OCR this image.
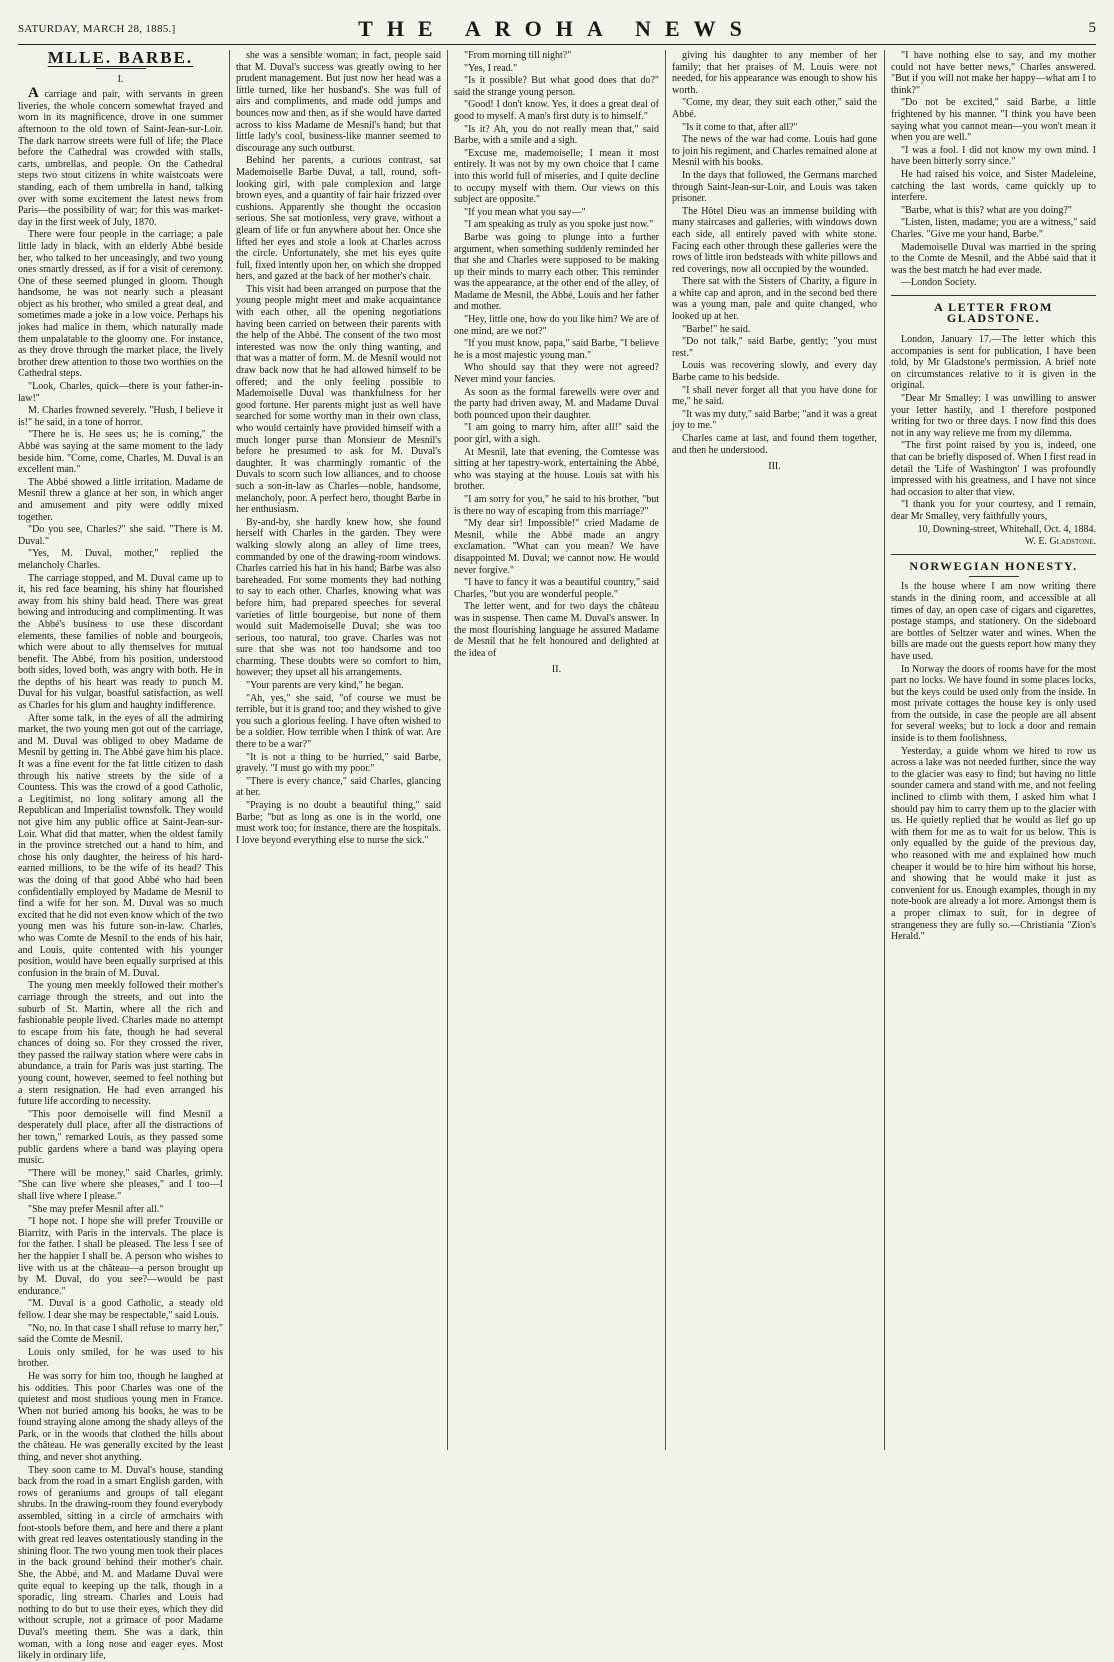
SATURDAY, MARCH 28, 1885.]	THE AROHA NEWS	5
MLLE. BARBE.
I.

A carriage and pair, with servants in green liveries, the whole concern somewhat frayed and worn in its magnificence, drove in one summer afternoon to the old town of Saint-Jean-sur-Loir. The dark narrow streets were full of life; the Place before the Cathedral was crowded with stalls, carts, umbrellas, and people. On the Cathedral steps two stout citizens in white waistcoats were standing, each of them umbrella in hand, talking over with some excitement the latest news from Paris—the possibility of war; for this was market-day in the first week of July, 1870.

There were four people in the carriage; a pale little lady in black, with an elderly Abbé beside her, who talked to her unceasingly, and two young ones smartly dressed, as if for a visit of ceremony. One of these seemed plunged in gloom. Though handsome, he was not nearly such a pleasant object as his brother, who smiled a great deal, and sometimes made a joke in a low voice. Perhaps his jokes had malice in them, which naturally made them unpalatable to the gloomy one. For instance, as they drove through the market place, the lively brother drew attention to those two worthies on the Cathedral steps.

"Look, Charles, quick—there is your father-in-law!"

M. Charles frowned severely. "Hush, I believe it is!" he said, in a tone of horror.

"There he is. He sees us; he is coming," the Abbé was saying at the same moment to the lady beside him. "Come, come, Charles, M. Duval is an excellent man."

The Abbé showed a little irritation. Madame de Mesnil threw a glance at her son, in which anger and amusement and pity were oddly mixed together.

"Do you see, Charles?" she said. "There is M. Duval."

"Yes, M. Duval, mother," replied the melancholy Charles.

The carriage stopped, and M. Duval came up to it, his red face beaming, his shiny hat flourished away from his shiny bald head. There was great bowing and introducing and complimenting. It was the Abbé's business to use these discordant elements, these families of noble and bourgeois, which were about to ally themselves for mutual benefit. The Abbé, from his position, understood both sides, loved both, was angry with both. He in the depths of his heart was ready to punch M. Duval for his vulgar, boastful satisfaction, as well as Charles for his glum and haughty indifference.

After some talk, in the eyes of all the admiring market, the two young men got out of the carriage, and M. Duval was obliged to obey Madame de Mesnil by getting in. The Abbé gave him his place. It was a fine event for the fat little citizen to dash through his native streets by the side of a Countess. This was the crowd of a good Catholic, a Legitimist, no long solitary among all the Republican and Imperialist townsfolk. They would not give him any public office at Saint-Jean-sur-Loir. What did that matter, when the oldest family in the province stretched out a hand to him, and chose his only daughter, the heiress of his hard-earned millions, to be the wife of its head? This was the doing of that good Abbé who had been confidentially employed by Madame de Mesnil to find a wife for her son. M. Duval was so much excited that he did not even know which of the two young men was his future son-in-law. Charles, who was Comte de Mesnil to the ends of his hair, and Louis, quite contented with his younger position, would have been equally surprised at this confusion in the brain of M. Duval.

The young men meekly followed their mother's carriage through the streets, and out into the suburb of St. Martin, where all the rich and fashionable people lived. Charles made no attempt to escape from his fate, though he had several chances of doing so. For they crossed the river, they passed the railway station where were cabs in abundance, a train for Paris was just starting. The young count, however, seemed to feel nothing but a stern resignation. He had even arranged his future life according to necessity.

"This poor demoiselle will find Mesnil a desperately dull place, after all the distractions of her town," remarked Louis, as they passed some public gardens where a band was playing opera music.

"There will be money," said Charles, grimly. "She can live where she pleases," and I too—I shall live where I please."

"She may prefer Mesnil after all."

"I hope not. I hope she will prefer Trouville or Biarritz, with Paris in the intervals. The place is for the father. I shall be pleased. The less I see of her the happier I shall be. A person who wishes to live with us at the château—a person brought up by M. Duval, do you see?—would be past endurance."

"M. Duval is a good Catholic, a steady old fellow. I dear she may be respectable," said Louis.

"No, no. In that case I shall refuse to marry her," said the Comte de Mesnil.

Louis only smiled, for he was used to his brother.

He was sorry for him too, though he laughed at his oddities. This poor Charles was one of the quietest and most studious young men in France. When not buried among his books, he was to be found straying alone among the shady alleys of the Park, or in the woods that clothed the hills about the château. He was generally excited by the least thing, and never shot anything.

They soon came to M. Duval's house, standing back from the road in a smart English garden, with rows of geraniums and groups of tall elegant shrubs. In the drawing-room they found everybody assembled, sitting in a circle of armchairs with foot-stools before them, and here and there a plant with great red leaves ostentatiously standing in the shining floor. The two young men took their places in the back ground behind their mother's chair. She, the Abbé, and M. and Madame Duval were quite equal to keeping up the talk, though in a sporadic, ling stream. Charles and Louis had nothing to do but to use their eyes, which they did without scruple, not a grimace of poor Madame Duval's meeting them. She was a dark, thin woman, with a long nose and eager eyes. Most likely in ordinary life,

she was a sensible woman; in fact, people said that M. Duval's success was greatly owing to her prudent management. But just now her head was a little turned, like her husband's. She was full of airs and compliments, and made odd jumps and bounces now and then, as if she would have darted across to kiss Madame de Mesnil's hand; but that little lady's cool, business-like manner seemed to discourage any such outburst.

Behind her parents, a curious contrast, sat Mademoiselle Barbe Duval, a tall, round, soft-looking girl, with pale complexion and large brown eyes, and a quantity of fair hair frizzed over cushions. Apparently she thought the occasion serious. She sat motionless, very grave, without a gleam of life or fun anywhere about her. Once she lifted her eyes and stole a look at Charles across the circle. Unfortunately, she met his eyes quite full, fixed intently upon her, on which she dropped hers, and gazed at the back of her mother's chair.

This visit had been arranged on purpose that the young people might meet and make acquaintance with each other, all the opening negotiations having been carried on between their parents with the help of the Abbé. The consent of the two most interested was now the only thing wanting, and that was a matter of form. M. de Mesnil would not draw back now that he had allowed himself to be offered; and the only feeling possible to Mademoiselle Duval was thankfulness for her good fortune. Her parents might just as well have searched for some worthy man in their own class, who would certainly have provided himself with a much longer purse than Monsieur de Mesnil's before he presumed to ask for M. Duval's daughter. It was charmingly romantic of the Duvals to scorn such low alliances, and to choose such a son-in-law as Charles—noble, handsome, melancholy, poor. A perfect hero, thought Barbe in her enthusiasm.

By-and-by, she hardly knew how, she found herself with Charles in the garden. They were walking slowly along an alley of lime trees, commanded by one of the drawing-room windows. Charles carried his hat in his hand; Barbe was also bareheaded. For some moments they had nothing to say to each other. Charles, knowing what was before him, had prepared speeches for several varieties of little bourgeoise, but none of them would suit Mademoiselle Duval; she was too serious, too natural, too grave. Charles was not sure that she was not too handsome and too charming. These doubts were so comfort to him, however; they upset all his arrangements.

"Your parents are very kind," he began.

"Ah, yes," she said, "of course we must be terrible, but it is grand too; and they wished to give you such a glorious feeling. I have often wished to be a soldier. How terrible when I think of war. Are there to be a war?"

"It is not a thing to be hurried," said Barbe, gravely. "I must go with my poor."

"There is every chance," said Charles, glancing at her.

"Praying is no doubt a beautiful thing," said Barbe; "but as long as one is in the world, one must work too; for instance, there are the hospitals. I love beyond everything else to nurse the sick."

"From morning till night?"

"Yes, I read."

"Is it possible? But what good does that do?" said the strange young person.

"Good! I don't know. Yes, it does a great deal of good to myself. A man's first duty is to himself."

"Is it? Ah, you do not really mean that," said Barbe, with a smile and a sigh.

"Excuse me, mademoiselle; I mean it most entirely. It was not by my own choice that I came into this world full of miseries, and I quite decline to occupy myself with them. Our views on this subject are opposite."

"If you mean what you say—"

"I am speaking as truly as you spoke just now."

Barbe was going to plunge into a further argument, when something suddenly reminded her that she and Charles were supposed to be making up their minds to marry each other. This reminder was the appearance, at the other end of the alley, of Madame de Mesnil, the Abbé, Louis and her father and mother.

"Hey, little one, how do you like him? We are of one mind, are we not?"

"If you must know, papa," said Barbe, "I believe he is a most majestic young man."

Who should say that they were not agreed? Never mind your fancies.

As soon as the formal farewells were over and the party had driven away, M. and Madame Duval both pounced upon their daughter.

"I am going to marry him, after all!" said the poor girl, with a sigh.

At Mesnil, late that evening, the Comtesse was sitting at her tapestry-work, entertaining the Abbé, who was staying at the house. Louis sat with his brother.

"I am sorry for you," he said to his brother, "but is there no way of escaping from this marriage?"

"My dear sir! Impossible!" cried Madame de Mesnil, while the Abbé made an angry exclamation. "What can you mean? We have disappointed M. Duval; we cannot now. He would never forgive."

"I have to fancy it was a beautiful country," said Charles, "but you are wonderful people."

The letter went, and for two days the château was in suspense. Then came M. Duval's answer. In the most flourishing language he assured Madame de Mesnil that he felt honoured and delighted at the idea of

II.

giving his daughter to any member of her family; that her praises of M. Louis were not needed, for his appearance was enough to show his worth.

"Come, my dear, they suit each other," said the Abbé.

"Is it come to that, after all?"

The news of the war had come. Louis had gone to join his regiment, and Charles remained alone at Mesnil with his books.

In the days that followed, the Germans marched through Saint-Jean-sur-Loir, and Louis was taken prisoner.

The Hôtel Dieu was an immense building with many staircases and galleries, with windows down each side, all entirely paved with white stone. Facing each other through these galleries were the rows of little iron bedsteads with white pillows and red coverings, now all occupied by the wounded.

There sat with the Sisters of Charity, a figure in a white cap and apron, and in the second bed there was a young man, pale and quite changed, who looked up at her.

"Barbe!" he said.

"Do not talk," said Barbe, gently; "you must rest."

Louis was recovering slowly, and every day Barbe came to his bedside.

"I shall never forget all that you have done for me," he said.

"It was my duty," said Barbe; "and it was a great joy to me."

Charles came at last, and found them together, and then he understood.

III.

"I have nothing else to say, and my mother could not have better news," Charles answered. "But if you will not make her happy—what am I to think?"

"Do not be excited," said Barbe, a little frightened by his manner. "I think you have been saying what you cannot mean—you won't mean it when you are well."

"I was a fool. I did not know my own mind. I have been bitterly sorry since."

He had raised his voice, and Sister Madeleine, catching the last words, came quickly up to interfere.

"Barbe, what is this? what are you doing?"

"Listen, listen, madame; you are a witness," said Charles. "Give me your hand, Barbe."

Mademoiselle Duval was married in the spring to the Comte de Mesnil, and the Abbé said that it was the best match he had ever made.

—London Society.

A LETTER FROM GLADSTONE.

London, January 17.—The letter which this accompanies is sent for publication, I have been told, by Mr Gladstone's permission. A brief note on circumstances relative to it is given in the original.

"Dear Mr Smalley: I was unwilling to answer your letter hastily, and I therefore postponed writing for two or three days. I now find this does not in any way relieve me from my dilemma.

"The first point raised by you is, indeed, one that can be briefly disposed of. When I first read in detail the 'Life of Washington' I was profoundly impressed with his greatness, and I have not since had occasion to alter that view.

"I thank you for your courtesy, and I remain, dear Mr Smalley, very faithfully yours,

10, Downing-street, Whitehall, Oct. 4, 1884.

W. E. Gladstone.

NORWEGIAN HONESTY.

Is the house where I am now writing there stands in the dining room, and accessible at all times of day, an open case of cigars and cigarettes, postage stamps, and stationery. On the sideboard are bottles of Seltzer water and wines. When the bills are made out the guests report how many they have used.

In Norway the doors of rooms have for the most part no locks. We have found in some places locks, but the keys could be used only from the inside. In most private cottages the house key is only used from the outside, in case the people are all absent for several weeks; but to lock a door and remain inside is to them foolishness.

Yesterday, a guide whom we hired to row us across a lake was not needed further, since the way to the glacier was easy to find; but having no little sounder camera and stand with me, and not feeling inclined to climb with them, I asked him what I should pay him to carry them up to the glacier with us. He quietly replied that he would as lief go up with them for me as to wait for us below. This is only equalled by the guide of the previous day, who reasoned with me and explained how much cheaper it would be to hire him without his horse, and showing that he would make it just as convenient for us. Enough examples, though in my note-book are already a lot more. Amongst them is a proper climax to suit, for in degree of strangeness they are fully so.—Christiania "Zion's Herald."
